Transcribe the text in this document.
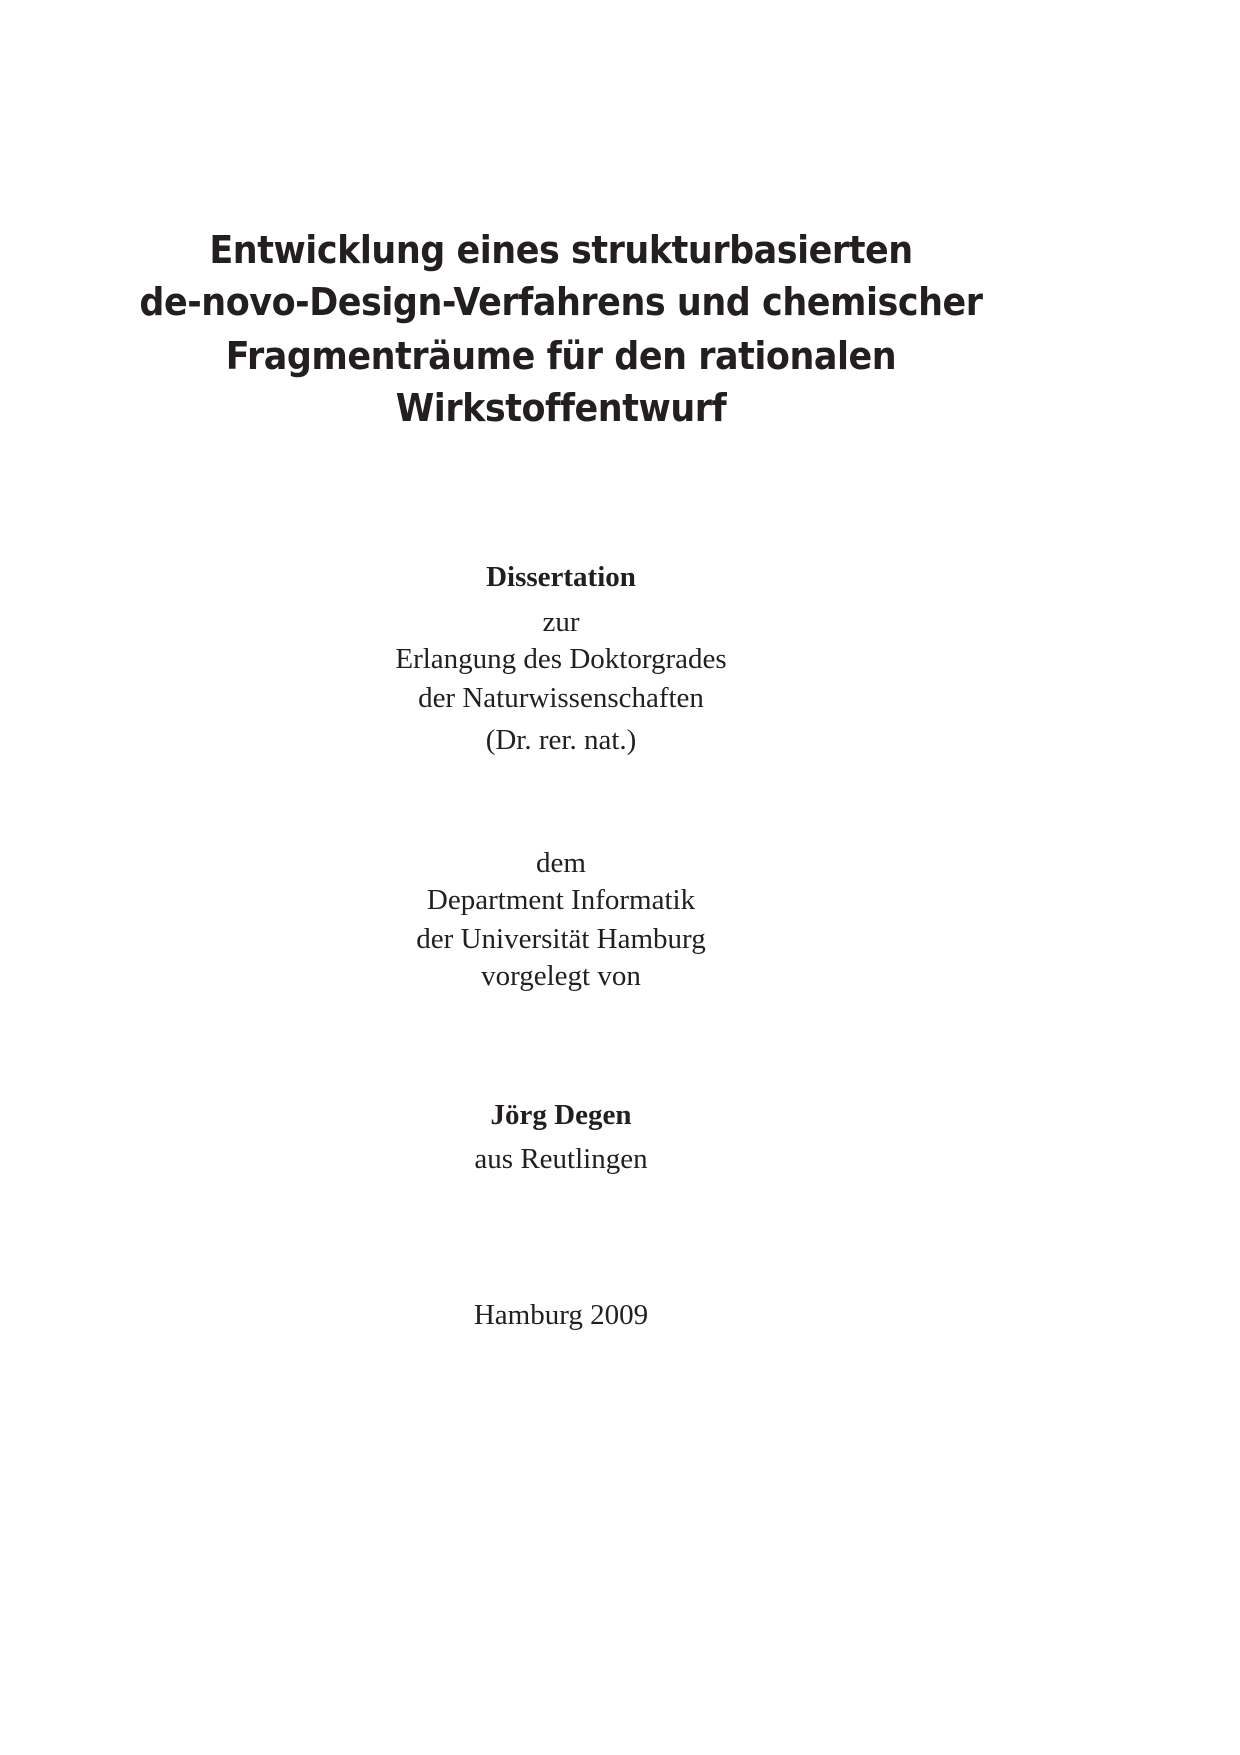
Entwicklung eines strukturbasierten
de-novo-Design-Verfahrens und chemischer
Fragmenträume für den rationalen
Wirkstoffentwurf
Dissertation
zur
Erlangung des Doktorgrades
der Naturwissenschaften
(Dr. rer. nat.)
dem
Department Informatik
der Universität Hamburg
vorgelegt von
Jörg Degen
aus Reutlingen
Hamburg 2009
